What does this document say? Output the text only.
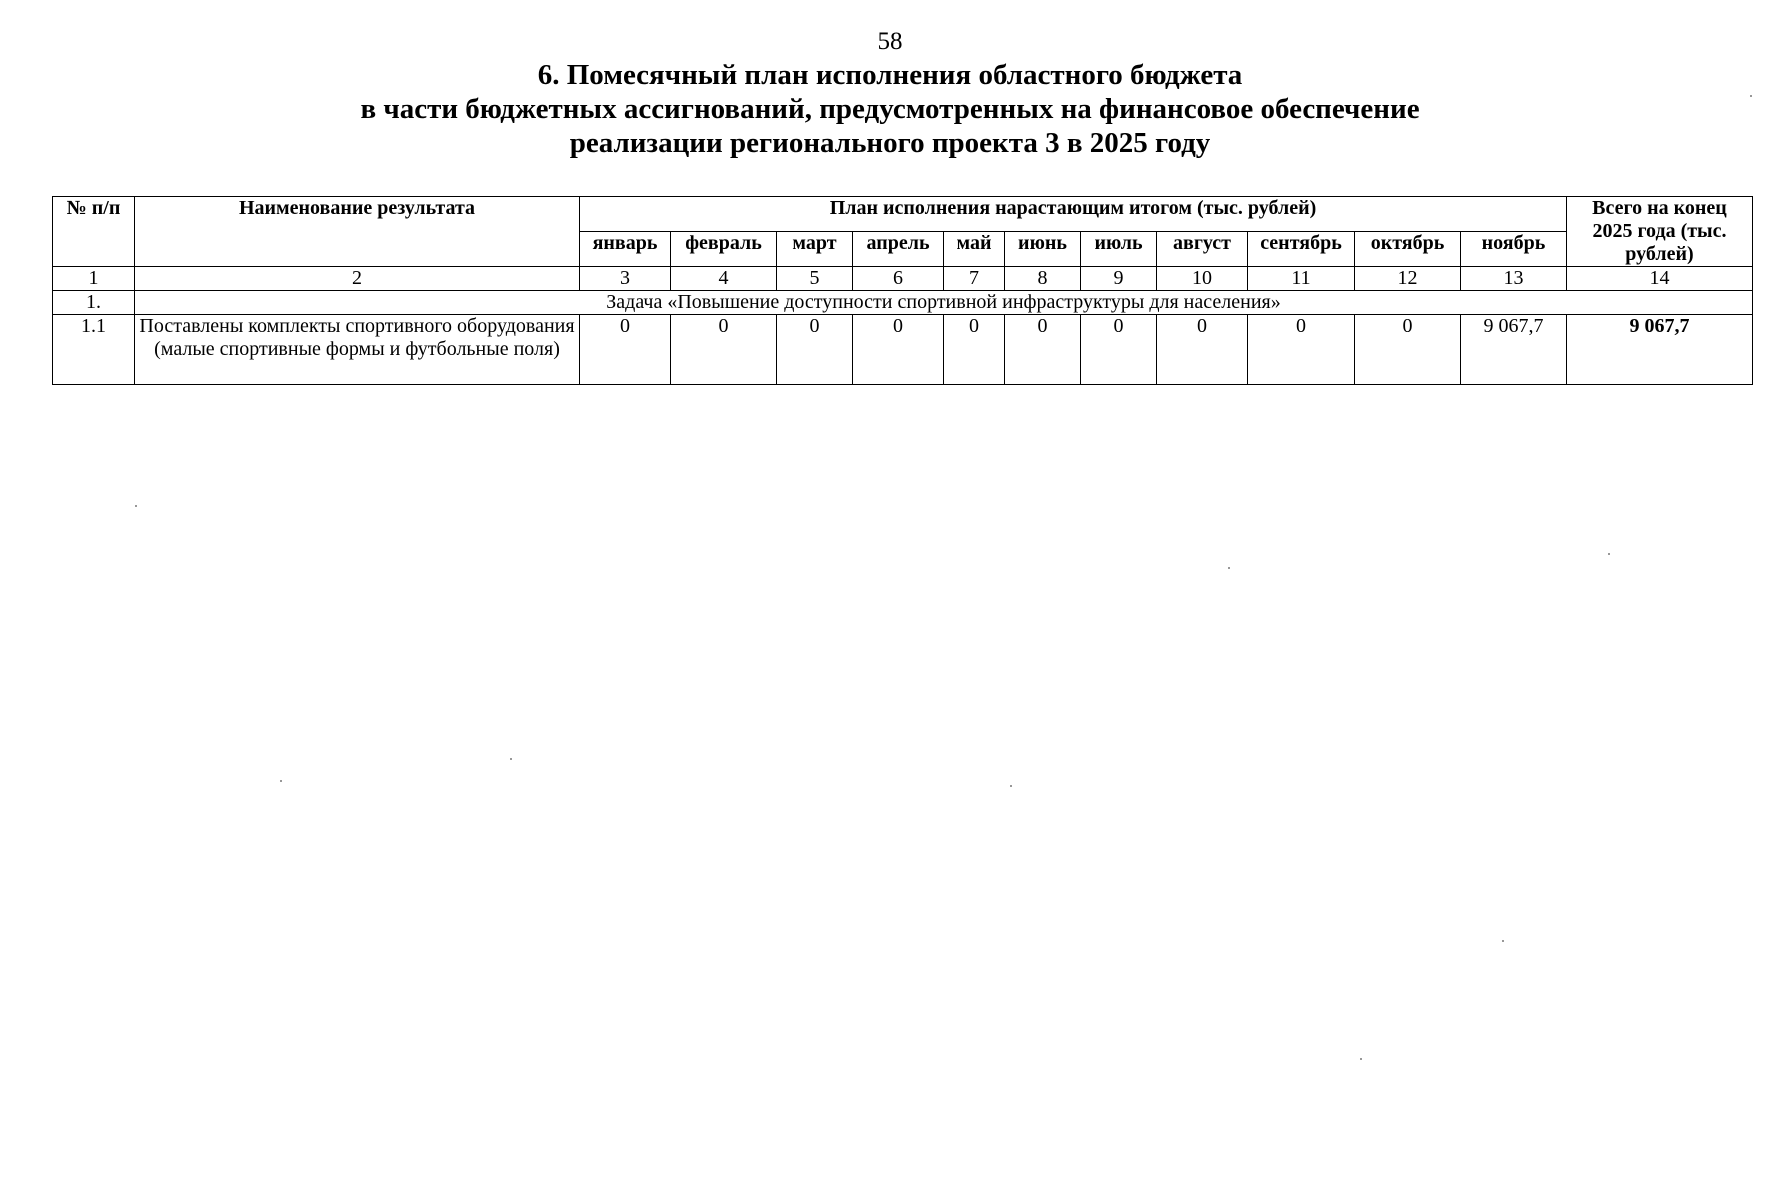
58
6. Помесячный план исполнения областного бюджета
в части бюджетных ассигнований, предусмотренных на финансовое обеспечение
реализации регионального проекта 3 в 2025 году
№ п/п	Наименование результата	План исполнения нарастающим итогом (тыс. рублей)											Всего на конец 2025 года (тыс. рублей)
		январь	февраль	март	апрель	май	июнь	июль	август	сентябрь	октябрь	ноябрь	
1	2	3	4	5	6	7	8	9	10	11	12	13	14
1.	Задача «Повышение доступности спортивной инфраструктуры для населения»												
1.1	Поставлены комплекты спортивного оборудования (малые спортивные формы и футбольные поля)	0	0	0	0	0	0	0	0	0	0	9 067,7	9 067,7
